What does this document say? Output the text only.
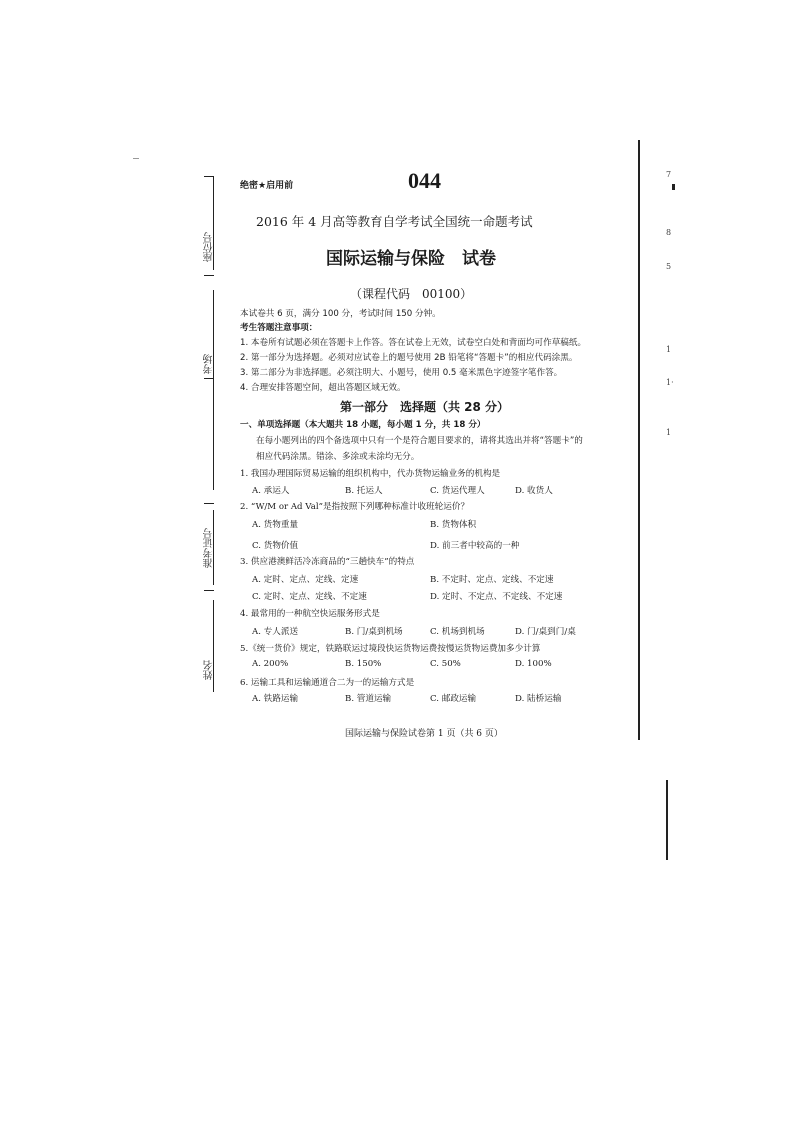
座位号
考场
准考证号
姓名
7
8
5
1
1·
1
绝密★启用前	044
2016 年 4 月高等教育自学考试全国统一命题考试
国际运输与保险　试卷
（课程代码　00100）
本试卷共 6 页，满分 100 分，考试时间 150 分钟。
考生答题注意事项：
1. 本卷所有试题必须在答题卡上作答。答在试卷上无效，试卷空白处和背面均可作草稿纸。
2. 第一部分为选择题。必须对应试卷上的题号使用 2B 铅笔将“答题卡”的相应代码涂黑。
3. 第二部分为非选择题。必须注明大、小题号，使用 0.5 毫米黑色字迹签字笔作答。
4. 合理安排答题空间，超出答题区域无效。
第一部分　选择题（共 28 分）
一、单项选择题（本大题共 18 小题，每小题 1 分，共 18 分）
在每小题列出的四个备选项中只有一个是符合题目要求的，请将其选出并将“答题卡”的
相应代码涂黑。错涂、多涂或未涂均无分。
1. 我国办理国际贸易运输的组织机构中，代办货物运输业务的机构是
A. 承运人	B. 托运人	C. 货运代理人	D. 收货人
2. “W/M or Ad Val”是指按照下列哪种标准计收班轮运价？
A. 货物重量	B. 货物体积
C. 货物价值	D. 前三者中较高的一种
3. 供应港澳鲜活冷冻商品的“三趟快车”的特点
A. 定时、定点、定线、定速	B. 不定时、定点、定线、不定速
C. 定时、定点、定线、不定速	D. 定时、不定点、不定线、不定速
4. 最常用的一种航空快运服务形式是
A. 专人派送	B. 门/桌到机场	C. 机场到机场	D. 门/桌到门/桌
5.《统一货价》规定，铁路联运过境段快运货物运费按慢运货物运费加多少计算
A. 200%	B. 150%	C. 50%	D. 100%
6. 运输工具和运输通道合二为一的运输方式是
A. 铁路运输	B. 管道运输	C. 邮政运输	D. 陆桥运输
国际运输与保险试卷第 1 页（共 6 页）
